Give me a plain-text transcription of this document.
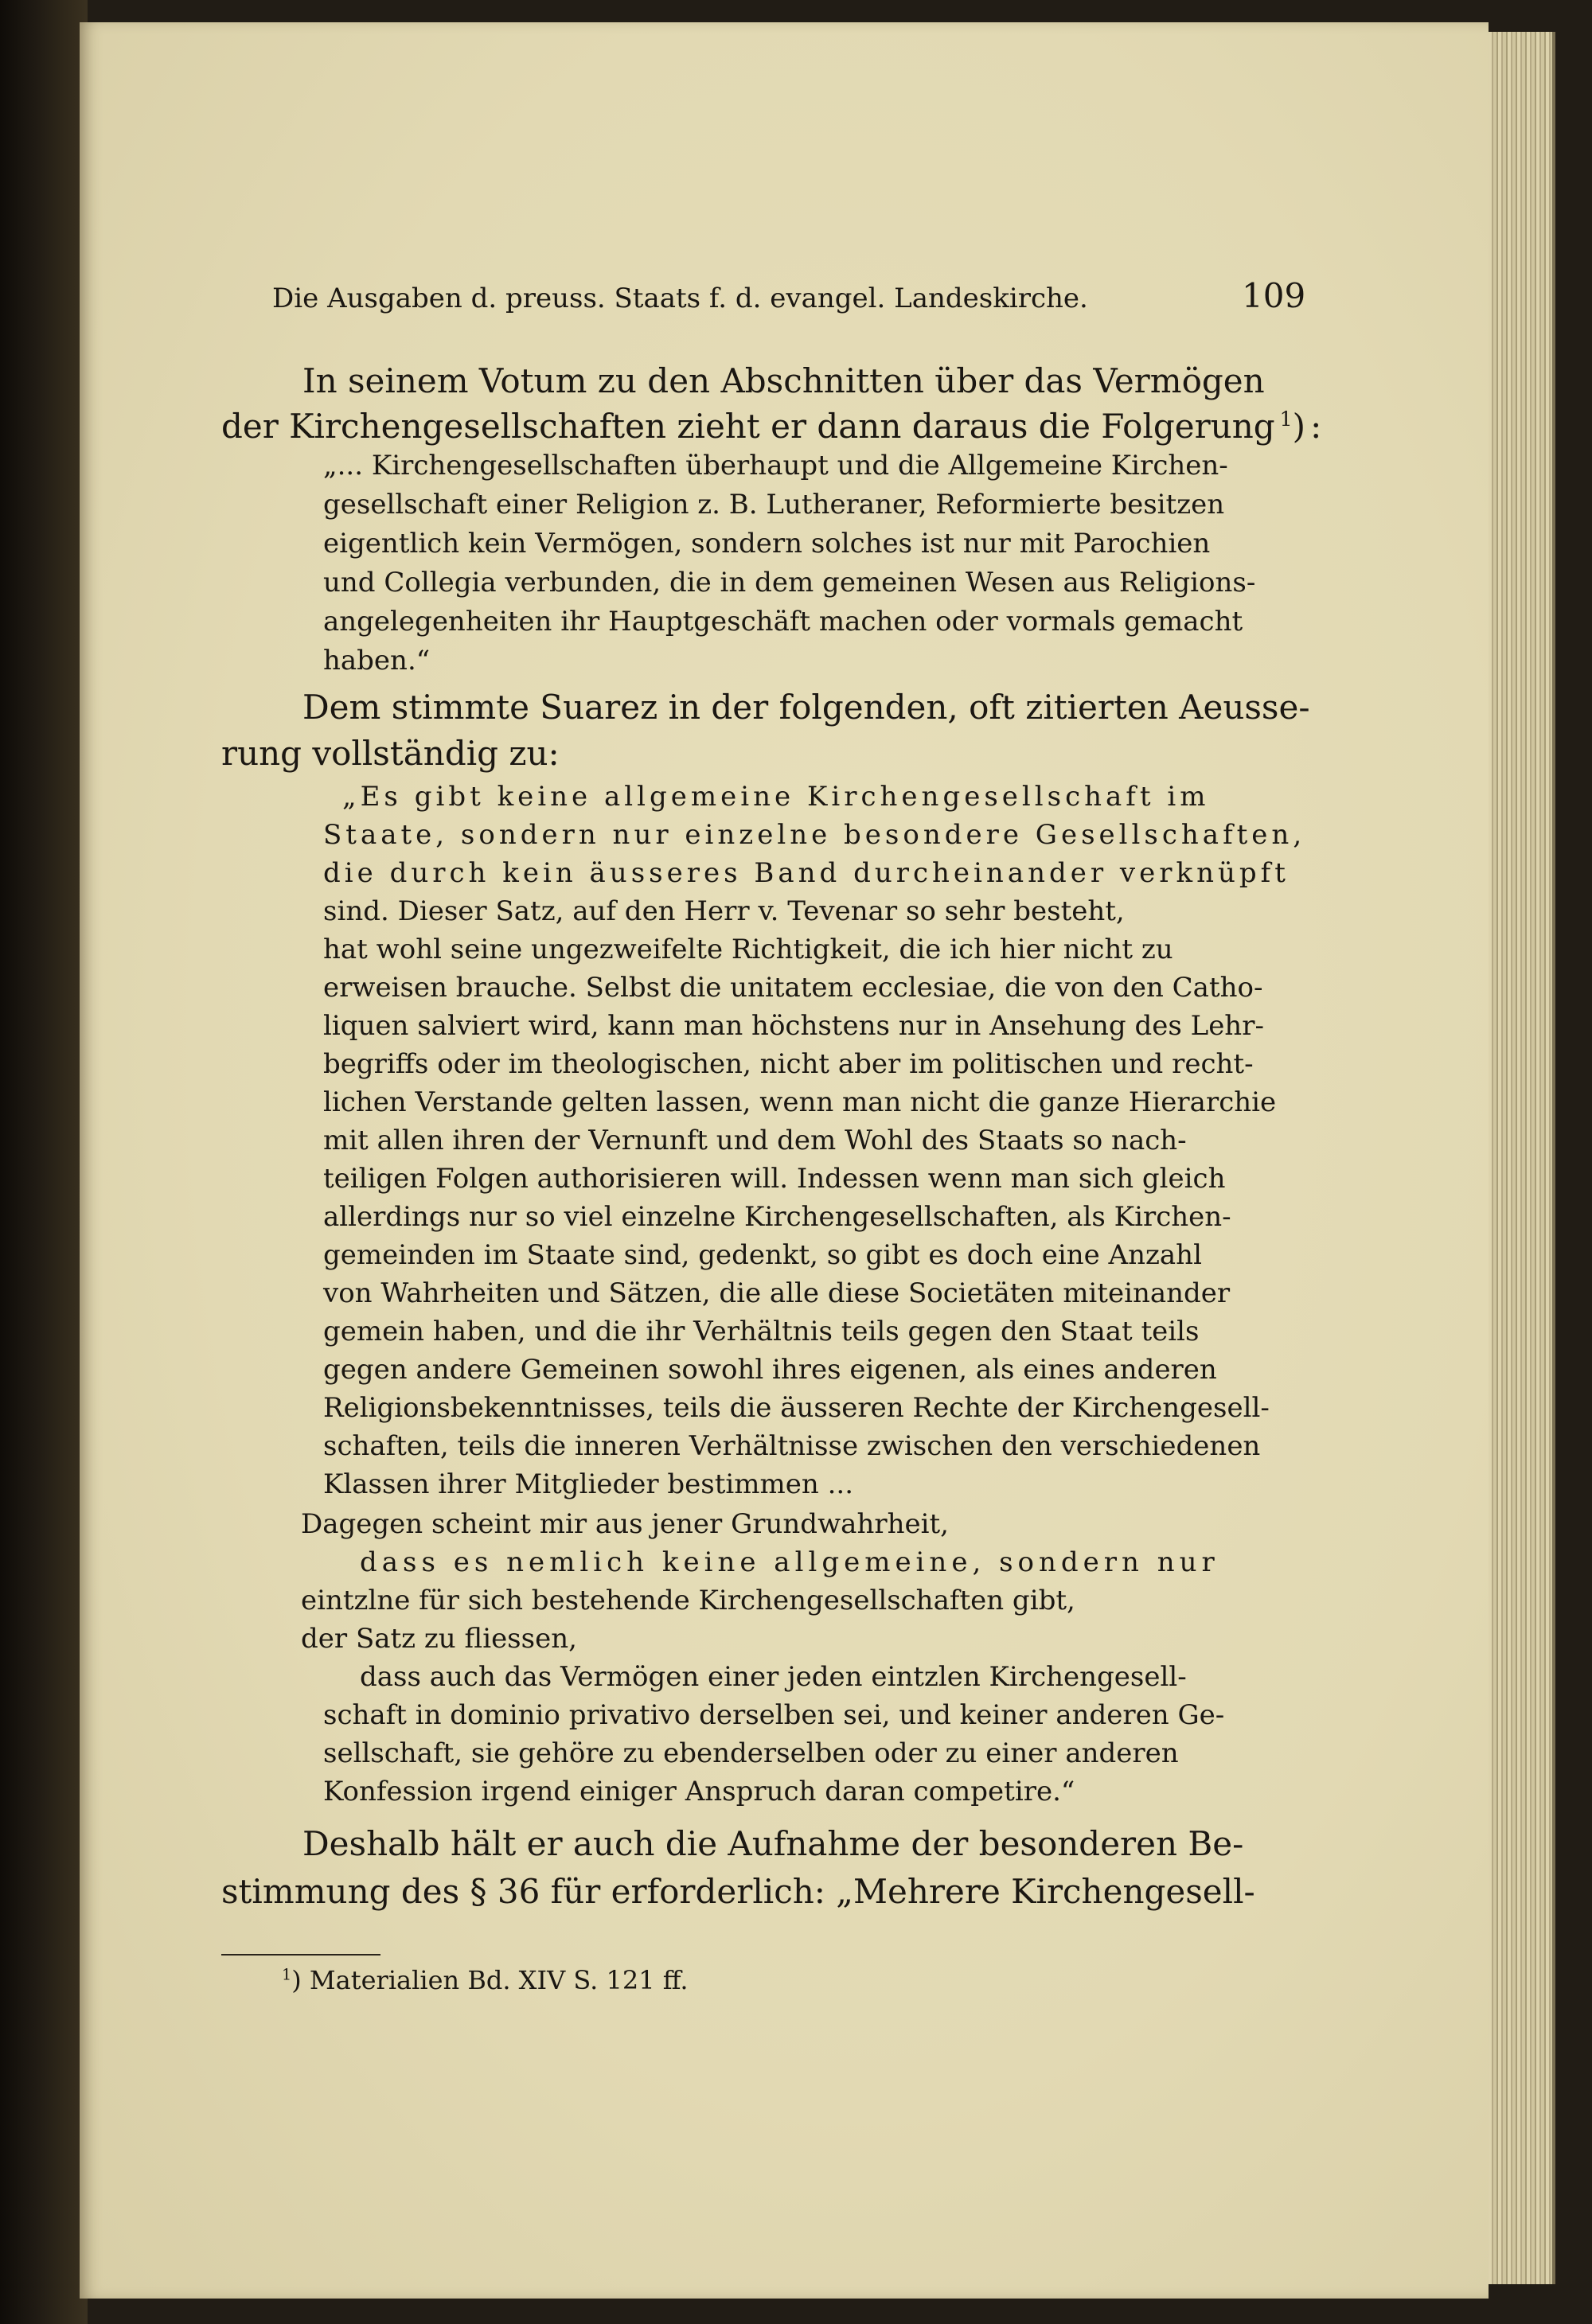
Die Ausgaben d. preuss. Staats f. d. evangel. Landeskirche.	109
In seinem Votum zu den Abschnitten über das Vermögen
der Kirchengesellschaften zieht er dann daraus die Folgerung $^1$) :
„... Kirchengesellschaften überhaupt und die Allgemeine Kirchen-
gesellschaft einer Religion z. B. Lutheraner, Reformierte besitzen
eigentlich kein Vermögen, sondern solches ist nur mit Parochien
und Collegia verbunden, die in dem gemeinen Wesen aus Religions-
angelegenheiten ihr Hauptgeschäft machen oder vormals gemacht
haben.“
Dem stimmte Suarez in der folgenden, oft zitierten Aeusse-
rung vollständig zu:
„Es gibt keine allgemeine Kirchengesellschaft im
Staate, sondern nur einzelne besondere Gesellschaften,
die durch kein äusseres Band durcheinander verknüpft
sind. Dieser Satz, auf den Herr v. Tevenar so sehr besteht,
hat wohl seine ungezweifelte Richtigkeit, die ich hier nicht zu
erweisen brauche. Selbst die unitatem ecclesiae, die von den Catho-
liquen salviert wird, kann man höchstens nur in Ansehung des Lehr-
begriffs oder im theologischen, nicht aber im politischen und recht-
lichen Verstande gelten lassen, wenn man nicht die ganze Hierarchie
mit allen ihren der Vernunft und dem Wohl des Staats so nach-
teiligen Folgen authorisieren will. Indessen wenn man sich gleich
allerdings nur so viel einzelne Kirchengesellschaften, als Kirchen-
gemeinden im Staate sind, gedenkt, so gibt es doch eine Anzahl
von Wahrheiten und Sätzen, die alle diese Societäten miteinander
gemein haben, und die ihr Verhältnis teils gegen den Staat teils
gegen andere Gemeinen sowohl ihres eigenen, als eines anderen
Religionsbekenntnisses, teils die äusseren Rechte der Kirchengesell-
schaften, teils die inneren Verhältnisse zwischen den verschiedenen
Klassen ihrer Mitglieder bestimmen ...
Dagegen scheint mir aus jener Grundwahrheit,
dass es nemlich keine allgemeine, sondern nur
eintzlne für sich bestehende Kirchengesellschaften gibt,
der Satz zu fliessen,
dass auch das Vermögen einer jeden eintzlen Kirchengesell-
schaft in dominio privativo derselben sei, und keiner anderen Ge-
sellschaft, sie gehöre zu ebenderselben oder zu einer anderen
Konfession irgend einiger Anspruch daran competire.“
Deshalb hält er auch die Aufnahme der besonderen Be-
stimmung des § 36 für erforderlich: „Mehrere Kirchengesell-
$^1$) Materialien Bd. XIV S. 121 ff.
